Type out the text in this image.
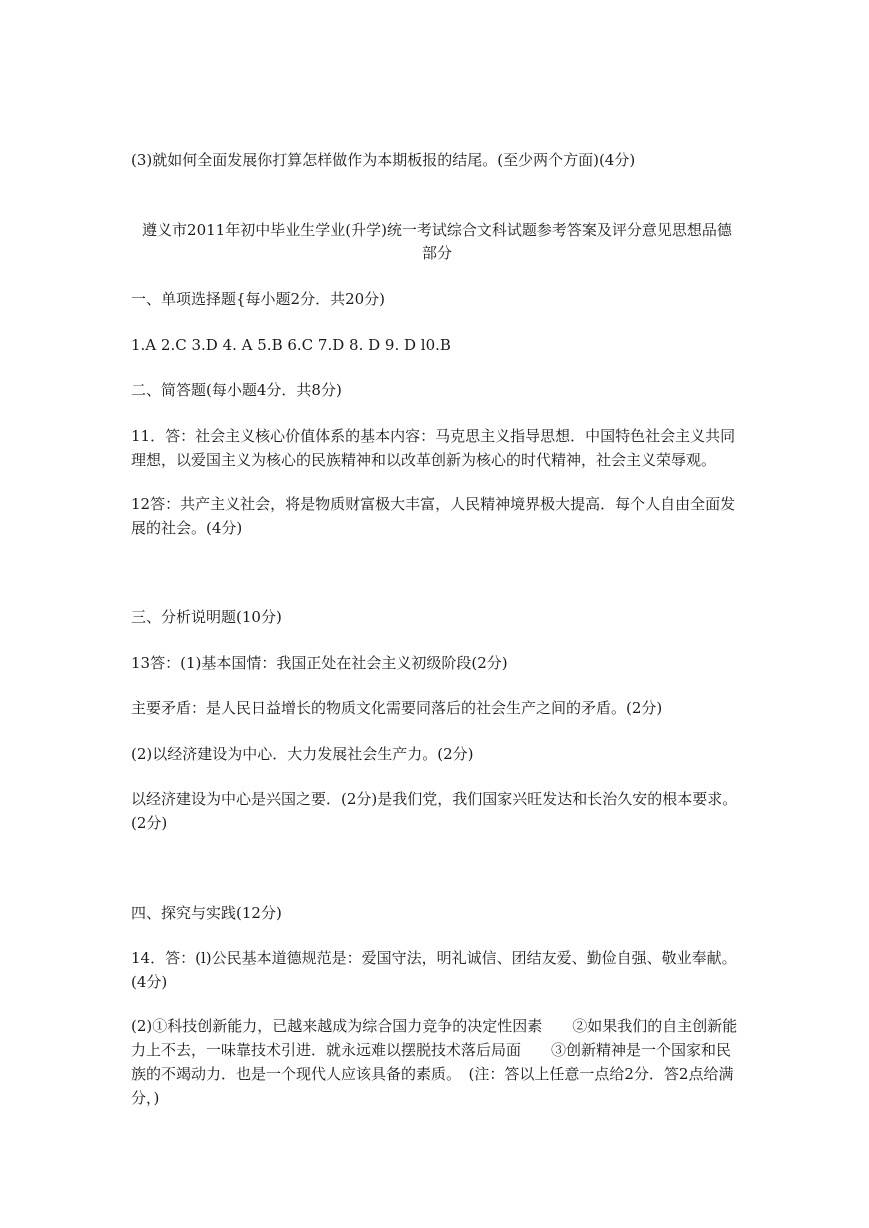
(3)就如何全面发展你打算怎样做作为本期板报的结尾。(至少两个方面)(4分)

遵义市2011年初中毕业生学业(升学)统一考试综合文科试题参考答案及评分意见思想品德

部分

一、单项选择题{每小题2分．共20分)

1.A 2.C 3.D 4. A 5.B 6.C 7.D 8. D 9. D l0.B

二、简答题(每小题4分．共8分)

11．答：社会主义核心价值体系的基本内容：马克思主义指导思想．中国特色社会主义共同理想，以爱国主义为核心的民族精神和以改革创新为核心的时代精神，社会主义荣辱观。

12答：共产主义社会，将是物质财富极大丰富，人民精神境界极大提高．每个人自由全面发展的社会。(4分)

三、分析说明题(10分)

13答：(1)基本国情：我国正处在社会主义初级阶段(2分)

主要矛盾：是人民日益增长的物质文化需要同落后的社会生产之间的矛盾。(2分)

(2)以经济建设为中心．大力发展社会生产力。(2分)

以经济建设为中心是兴国之要．(2分)是我们党，我们国家兴旺发达和长治久安的根本要求。(2分)

四、探究与实践(12分)

14．答：(l)公民基本道德规范是：爱国守法，明礼诚信、团结友爱、勤俭自强、敬业奉献。(4分)

(2)①科技创新能力，已越来越成为综合国力竞争的决定性因素　　②如果我们的自主创新能力上不去，一味靠技术引进．就永远难以摆脱技术落后局面　　③创新精神是一个国家和民族的不竭动力．也是一个现代人应该具备的素质。　(注：答以上任意一点给2分．答2点给满分，)
